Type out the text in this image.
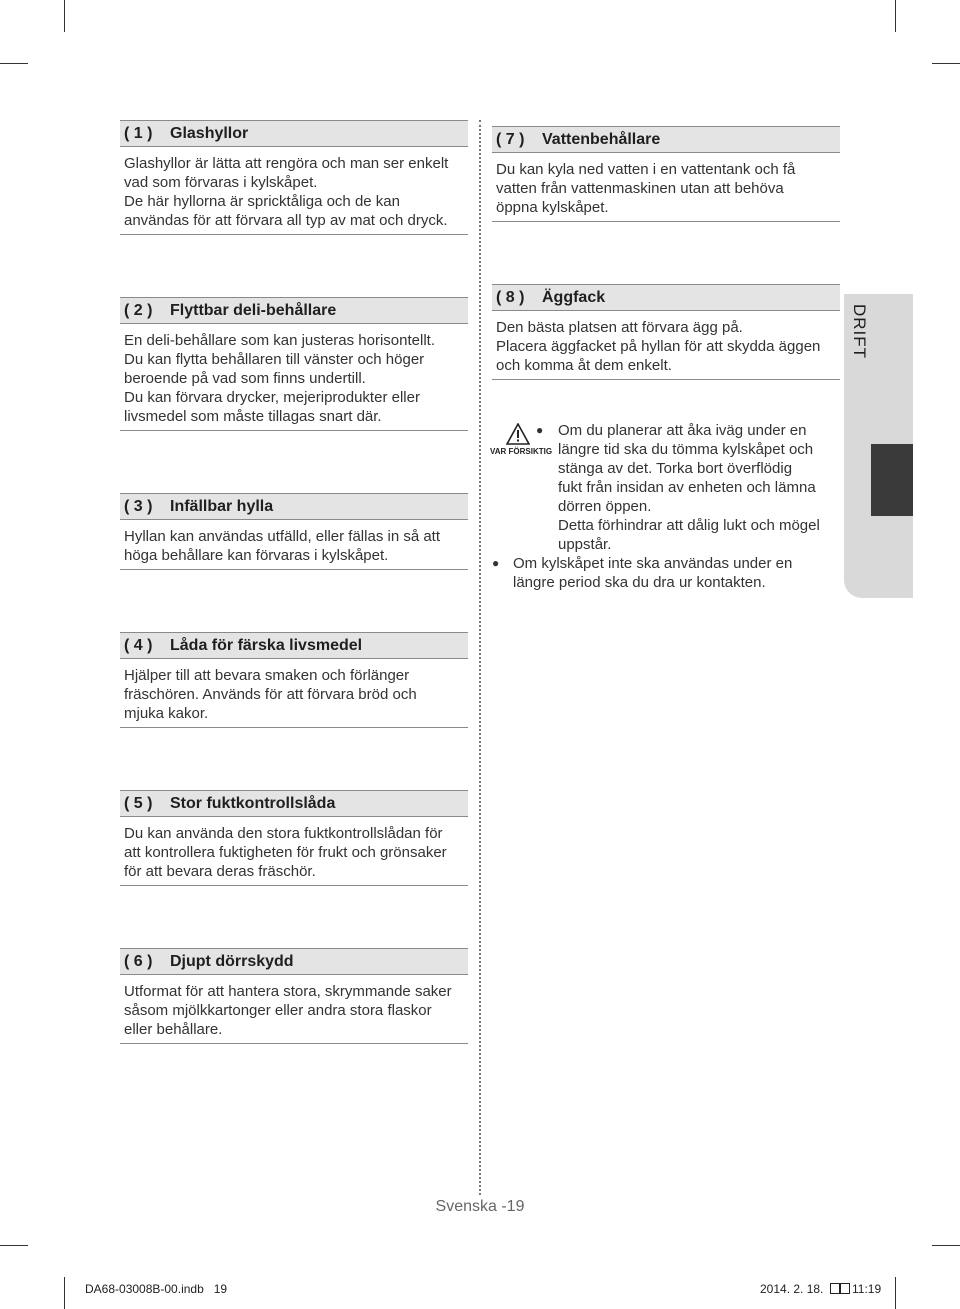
( 1 )	Glashyllor
Glashyllor är lätta att rengöra och man ser enkelt
vad som förvaras i kylskåpet.
De här hyllorna är spricktåliga och de kan
användas för att förvara all typ av mat och dryck.
( 2 )	Flyttbar deli-behållare
En deli-behållare som kan justeras horisontellt.
Du kan flytta behållaren till vänster och höger
beroende på vad som finns undertill.
Du kan förvara drycker, mejeriprodukter eller
livsmedel som måste tillagas snart där.
( 3 )	Infällbar hylla
Hyllan kan användas utfälld, eller fällas in så att
höga behållare kan förvaras i kylskåpet.
( 4 )	Låda för färska livsmedel
Hjälper till att bevara smaken och förlänger
fräschören. Används för att förvara bröd och
mjuka kakor.
( 5 )	Stor fuktkontrollslåda
Du kan använda den stora fuktkontrollslådan för
att kontrollera fuktigheten för frukt och grönsaker
för att bevara deras fräschör.
( 6 )	Djupt dörrskydd
Utformat för att hantera stora, skrymmande saker
såsom mjölkkartonger eller andra stora flaskor
eller behållare.
( 7 )	Vattenbehållare
Du kan kyla ned vatten i en vattentank och få
vatten från vattenmaskinen utan att behöva
öppna kylskåpet.
( 8 )	Äggfack
Den bästa platsen att förvara ägg på.
Placera äggfacket på hyllan för att skydda äggen
och komma åt dem enkelt.
VAR FÖRSIKTIG
● Om du planerar att åka iväg under en
längre tid ska du tömma kylskåpet och
stänga av det. Torka bort överflödig
fukt från insidan av enheten och lämna
dörren öppen.
Detta förhindrar att dålig lukt och mögel
uppstår.
● Om kylskåpet inte ska användas under en
längre period ska du dra ur kontakten.
DRIFT
Svenska -19
DA68-03008B-00.indb   19	2014. 2. 18. 11:19
